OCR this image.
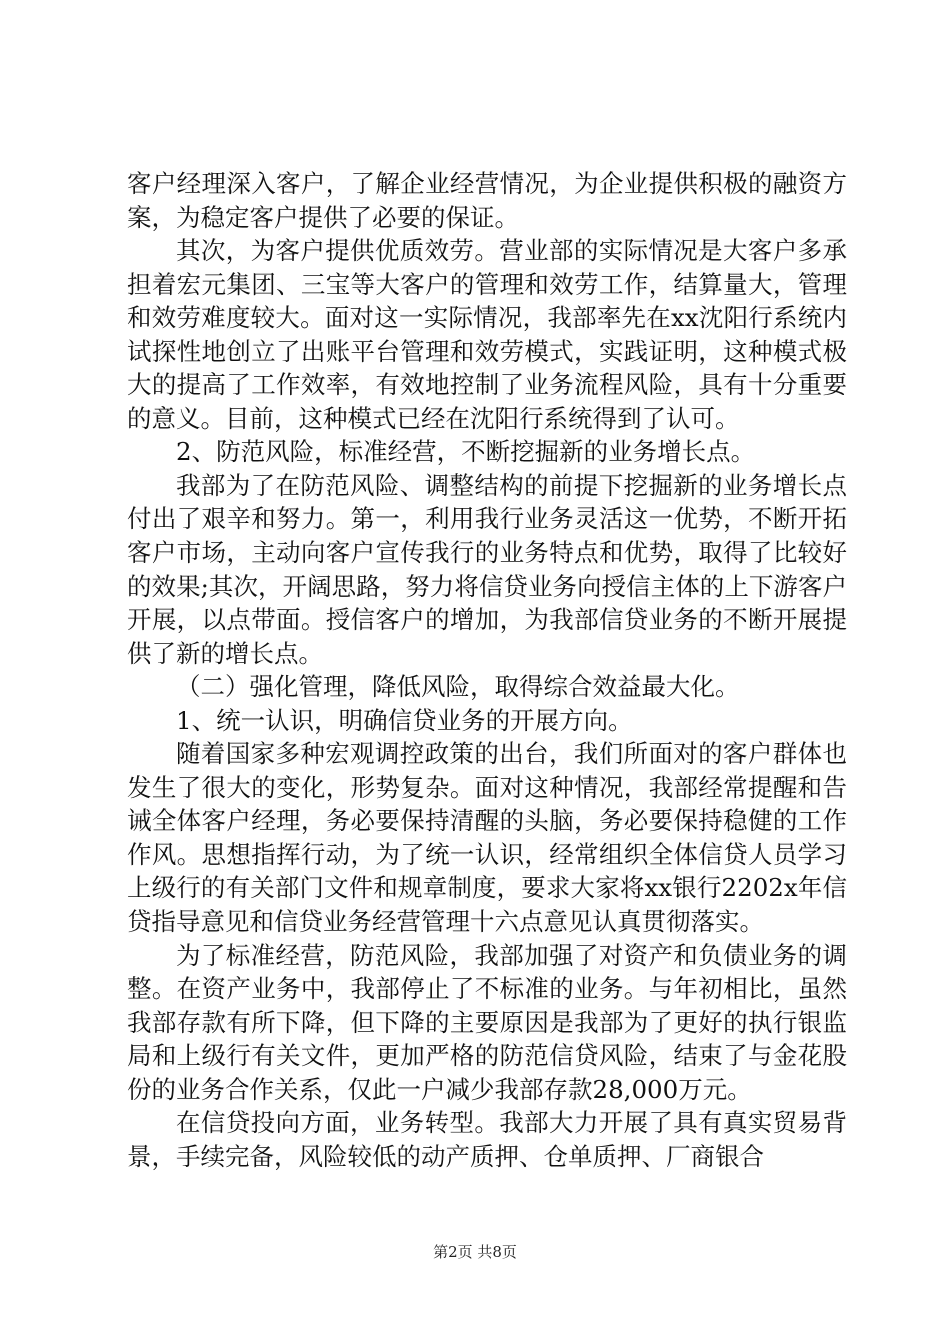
客户经理深入客户，了解企业经营情况，为企业提供积极的融资方案，为稳定客户提供了必要的保证。

其次，为客户提供优质效劳。营业部的实际情况是大客户多承担着宏元集团、三宝等大客户的管理和效劳工作，结算量大，管理和效劳难度较大。面对这一实际情况，我部率先在xx沈阳行系统内试探性地创立了出账平台管理和效劳模式，实践证明，这种模式极大的提高了工作效率，有效地控制了业务流程风险，具有十分重要的意义。目前，这种模式已经在沈阳行系统得到了认可。

2、防范风险，标准经营，不断挖掘新的业务增长点。

我部为了在防范风险、调整结构的前提下挖掘新的业务增长点付出了艰辛和努力。第一，利用我行业务灵活这一优势，不断开拓客户市场，主动向客户宣传我行的业务特点和优势，取得了比较好的效果;其次，开阔思路，努力将信贷业务向授信主体的上下游客户开展，以点带面。授信客户的增加，为我部信贷业务的不断开展提供了新的增长点。

（二）强化管理，降低风险，取得综合效益最大化。

1、统一认识，明确信贷业务的开展方向。

随着国家多种宏观调控政策的出台，我们所面对的客户群体也发生了很大的变化，形势复杂。面对这种情况，我部经常提醒和告诫全体客户经理，务必要保持清醒的头脑，务必要保持稳健的工作作风。思想指挥行动，为了统一认识，经常组织全体信贷人员学习上级行的有关部门文件和规章制度，要求大家将xx银行2202x年信贷指导意见和信贷业务经营管理十六点意见认真贯彻落实。

为了标准经营，防范风险，我部加强了对资产和负债业务的调整。在资产业务中，我部停止了不标准的业务。与年初相比，虽然我部存款有所下降，但下降的主要原因是我部为了更好的执行银监局和上级行有关文件，更加严格的防范信贷风险，结束了与金花股份的业务合作关系，仅此一户减少我部存款28,000万元。

在信贷投向方面，业务转型。我部大力开展了具有真实贸易背景，手续完备，风险较低的动产质押、仓单质押、厂商银合

第2页 共8页
